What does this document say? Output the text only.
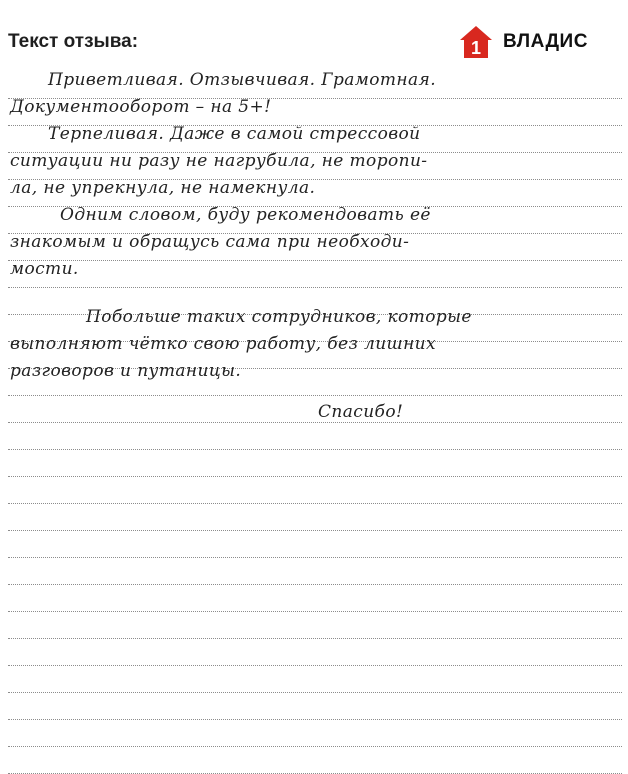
Текст отзыва:	1 ВЛАДИС
Приветливая. Отзывчивая. Грамотная.
Документооборот – на 5+!
Терпеливая. Даже в самой стрессовой
ситуации ни разу не нагрубила, не торопи-
ла, не упрекнула, не намекнула.
Одним словом, буду рекомендовать её
знакомым и обращусь сама при необходи-
мости.
Побольше таких сотрудников, которые
выполняют чётко свою работу, без лишних
разговоров и путаницы.
Спасибо!
